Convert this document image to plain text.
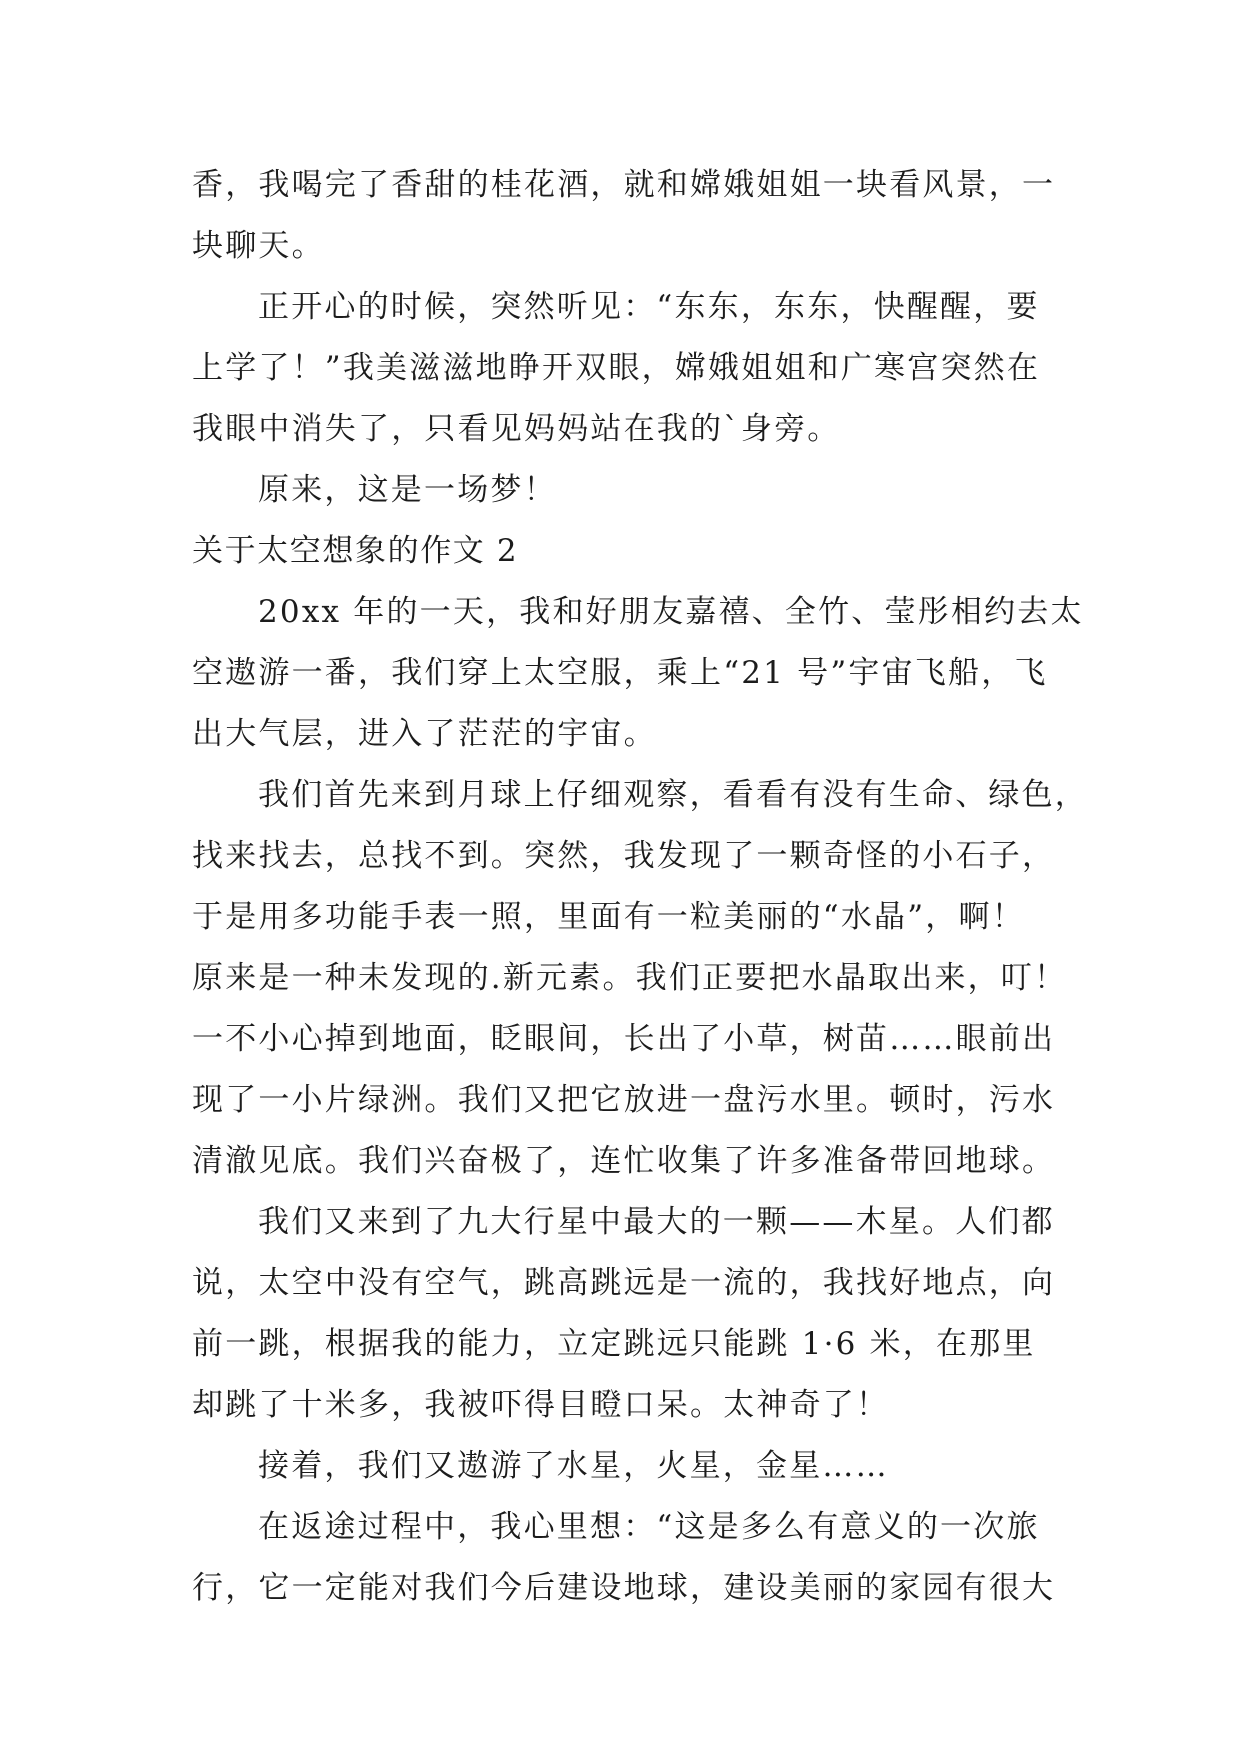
香，我喝完了香甜的桂花酒，就和嫦娥姐姐一块看风景，一
块聊天。
正开心的时候，突然听见：“东东，东东，快醒醒，要
上学了！”我美滋滋地睁开双眼，嫦娥姐姐和广寒宫突然在
我眼中消失了，只看见妈妈站在我的`身旁。
原来，这是一场梦！
关于太空想象的作文 2
20xx 年的一天，我和好朋友嘉禧、全竹、莹彤相约去太
空遨游一番，我们穿上太空服，乘上“21 号”宇宙飞船，飞
出大气层，进入了茫茫的宇宙。
我们首先来到月球上仔细观察，看看有没有生命、绿色，
找来找去，总找不到。突然，我发现了一颗奇怪的小石子，
于是用多功能手表一照，里面有一粒美丽的“水晶”，啊！
原来是一种未发现的.新元素。我们正要把水晶取出来，叮！
一不小心掉到地面，眨眼间，长出了小草，树苗……眼前出
现了一小片绿洲。我们又把它放进一盘污水里。顿时，污水
清澈见底。我们兴奋极了，连忙收集了许多准备带回地球。
我们又来到了九大行星中最大的一颗——木星。人们都
说，太空中没有空气，跳高跳远是一流的，我找好地点，向
前一跳，根据我的能力，立定跳远只能跳 1·6 米，在那里
却跳了十米多，我被吓得目瞪口呆。太神奇了！
接着，我们又遨游了水星，火星，金星……
在返途过程中，我心里想：“这是多么有意义的一次旅
行，它一定能对我们今后建设地球，建设美丽的家园有很大
